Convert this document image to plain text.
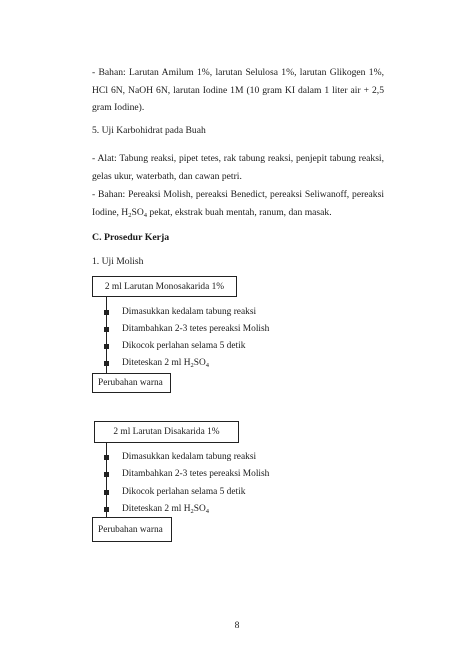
- Bahan: Larutan Amilum 1%, larutan Selulosa 1%, larutan Glikogen 1%, HCl 6N, NaOH 6N, larutan Iodine 1M (10 gram KI dalam 1 liter air + 2,5 gram Iodine).

5. Uji Karbohidrat pada Buah

- Alat: Tabung reaksi, pipet tetes, rak tabung reaksi, penjepit tabung reaksi, gelas ukur, waterbath, dan cawan petri.

- Bahan: Pereaksi Molish, pereaksi Benedict, pereaksi Seliwanoff, pereaksi Iodine, $H_2SO_4$ pekat, ekstrak buah mentah, ranum, dan masak.

C. Prosedur Kerja

1. Uji Molish

2 ml Larutan Monosakarida 1%
Dimasukkan kedalam tabung reaksi
Ditambahkan 2-3 tetes pereaksi Molish
Dikocok perlahan selama 5 detik
Diteteskan 2 ml $H_2SO_4$
Perubahan warna
2 ml Larutan Disakarida 1%
Dimasukkan kedalam tabung reaksi
Ditambahkan 2-3 tetes pereaksi Molish
Dikocok perlahan selama 5 detik
Diteteskan 2 ml $H_2SO_4$
Perubahan warna
8
